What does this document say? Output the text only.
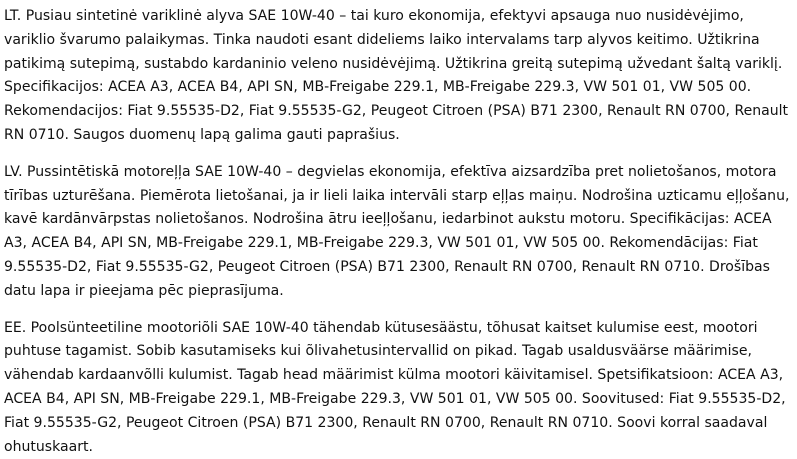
LT. Pusiau sintetinė variklinė alyva SAE 10W-40 – tai kuro ekonomija, efektyvi apsauga nuo nusidėvėjimo,
variklio švarumo palaikymas. Tinka naudoti esant dideliems laiko intervalams tarp alyvos keitimo. Užtikrina
patikimą sutepimą, sustabdo kardaninio veleno nusidėvėjimą. Užtikrina greitą sutepimą užvedant šaltą variklį.
Specifikacijos: ACEA A3, ACEA B4, API SN, MB-Freigabe 229.1, MB-Freigabe 229.3, VW 501 01, VW 505 00.
Rekomendacijos: Fiat 9.55535-D2, Fiat 9.55535-G2, Peugeot Citroen (PSA) B71 2300, Renault RN 0700, Renault
RN 0710. Saugos duomenų lapą galima gauti paprašius.

LV. Pussintētiskā motoreļļa SAE 10W-40 – degvielas ekonomija, efektīva aizsardzība pret nolietošanos, motora
tīrības uzturēšana. Piemērota lietošanai, ja ir lieli laika intervāli starp eļļas maiņu. Nodrošina uzticamu eļļošanu,
kavē kardānvārpstas nolietošanos. Nodrošina ātru ieeļļošanu, iedarbinot aukstu motoru. Specifikācijas: ACEA
A3, ACEA B4, API SN, MB-Freigabe 229.1, MB-Freigabe 229.3, VW 501 01, VW 505 00. Rekomendācijas: Fiat
9.55535-D2, Fiat 9.55535-G2, Peugeot Citroen (PSA) B71 2300, Renault RN 0700, Renault RN 0710. Drošības
datu lapa ir pieejama pēc pieprasījuma.

EE. Poolsünteetiline mootoriõli SAE 10W-40 tähendab kütusesäästu, tõhusat kaitset kulumise eest, mootori
puhtuse tagamist. Sobib kasutamiseks kui õlivahetusintervallid on pikad. Tagab usaldusväärse määrimise,
vähendab kardaanvõlli kulumist. Tagab head määrimist külma mootori käivitamisel. Spetsifikatsioon: ACEA A3,
ACEA B4, API SN, MB-Freigabe 229.1, MB-Freigabe 229.3, VW 501 01, VW 505 00. Soovitused: Fiat 9.55535-D2,
Fiat 9.55535-G2, Peugeot Citroen (PSA) B71 2300, Renault RN 0700, Renault RN 0710. Soovi korral saadaval
ohutuskaart.
